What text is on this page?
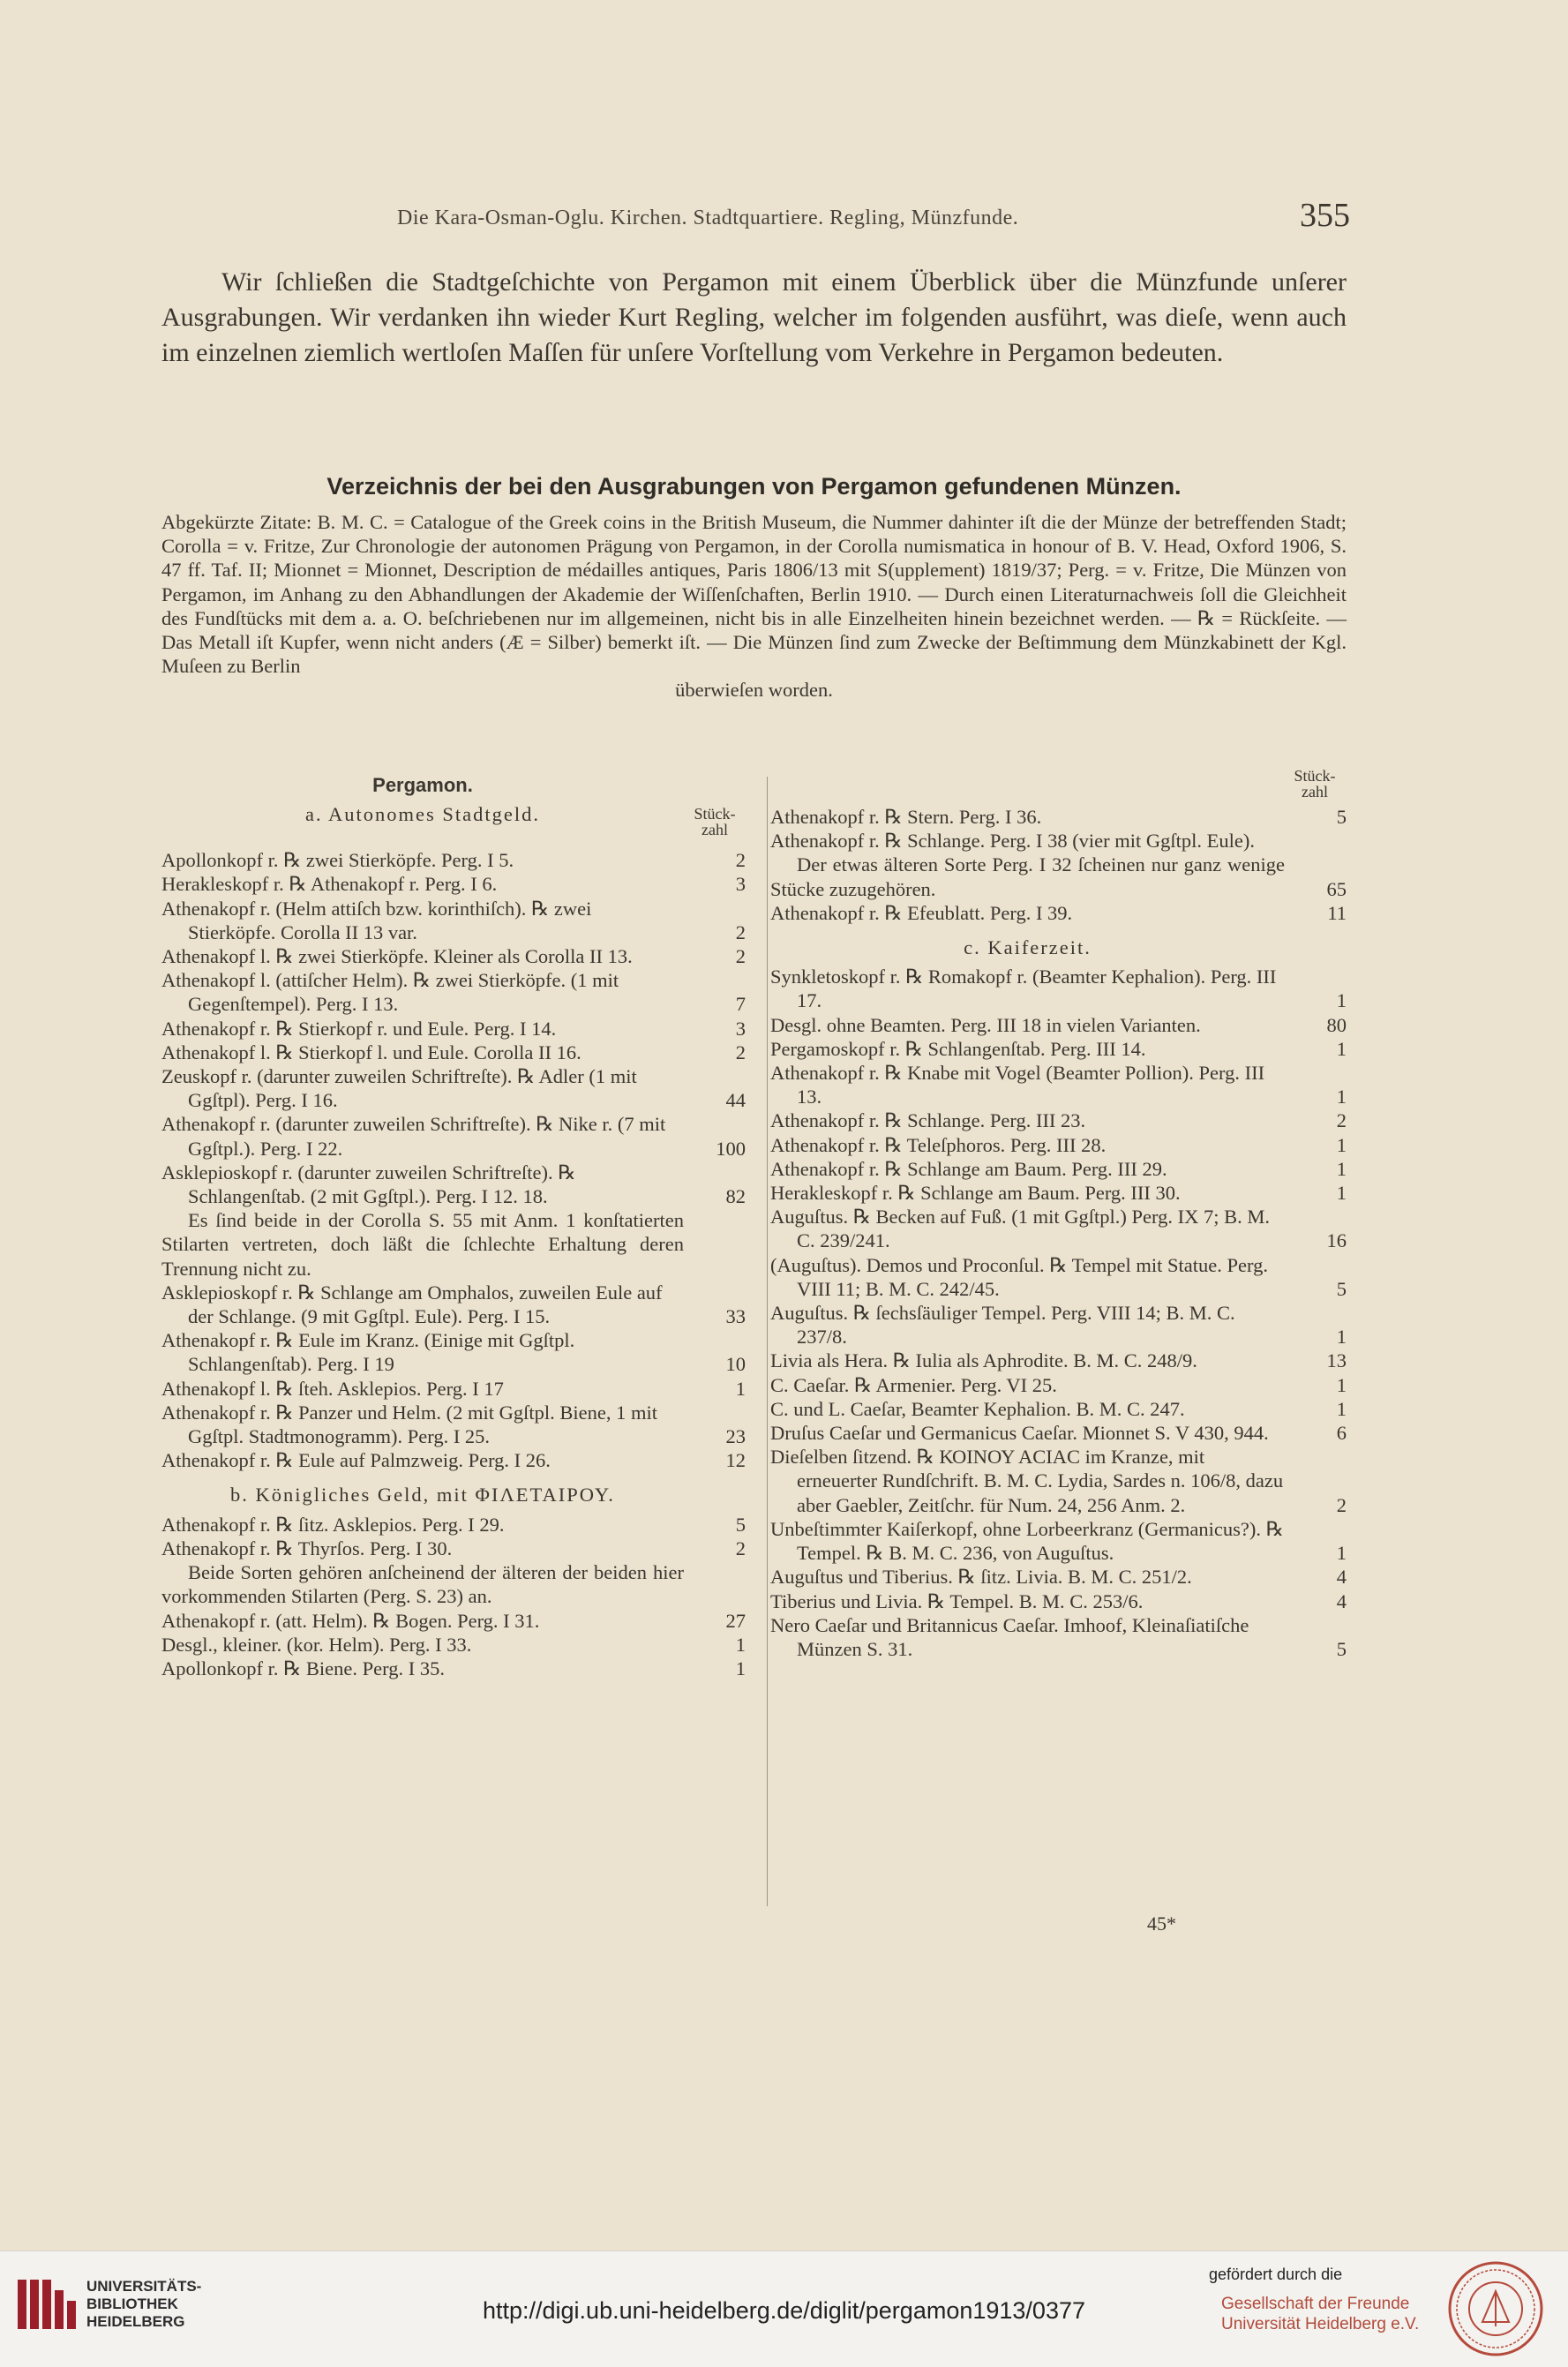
Die Kara-Osman-Oglu. Kirchen. Stadtquartiere. Regling, Münzfunde.	355

Wir ſchließen die Stadtgeſchichte von Pergamon mit einem Überblick über die Münzfunde unſerer Ausgrabungen. Wir verdanken ihn wieder Kurt Regling, welcher im folgenden ausführt, was dieſe, wenn auch im einzelnen ziemlich wertloſen Maſſen für unſere Vorſtellung vom Verkehre in Pergamon bedeuten.

Verzeichnis der bei den Ausgrabungen von Pergamon gefundenen Münzen.

Abgekürzte Zitate: B. M. C. = Catalogue of the Greek coins in the British Museum, die Nummer dahinter iſt die der Münze der betreffenden Stadt; Corolla = v. Fritze, Zur Chronologie der autonomen Prägung von Pergamon, in der Corolla numismatica in honour of B. V. Head, Oxford 1906, S. 47 ff. Taf. II; Mionnet = Mionnet, Description de médailles antiques, Paris 1806/13 mit S(upplement) 1819/37; Perg. = v. Fritze, Die Münzen von Pergamon, im Anhang zu den Abhandlungen der Akademie der Wiſſenſchaften, Berlin 1910. — Durch einen Literaturnachweis ſoll die Gleichheit des Fundſtücks mit dem a. a. O. beſchriebenen nur im allgemeinen, nicht bis in alle Einzelheiten hinein bezeichnet werden. — ℞ = Rückſeite. — Das Metall iſt Kupfer, wenn nicht anders (Æ = Silber) bemerkt iſt. — Die Münzen ſind zum Zwecke der Beſtimmung dem Münzkabinett der Kgl. Muſeen zu Berlin

überwieſen worden.

Stück-
zahl
Pergamon.
a. Autonomes Stadtgeld.	Stück-
zahl
Apollonkopf r. ℞ zwei Stierköpfe. Perg. I 5.	2
Herakleskopf r. ℞ Athenakopf r. Perg. I 6.	3
Athenakopf r. (Helm attiſch bzw. korinthiſch). ℞ zwei Stierköpfe. Corolla II 13 var.	2
Athenakopf l. ℞ zwei Stierköpfe. Kleiner als Corolla II 13.	2
Athenakopf l. (attiſcher Helm). ℞ zwei Stierköpfe. (1 mit Gegenſtempel). Perg. I 13.	7
Athenakopf r. ℞ Stierkopf r. und Eule. Perg. I 14.	3
Athenakopf l. ℞ Stierkopf l. und Eule. Corolla II 16.	2
Zeuskopf r. (darunter zuweilen Schriftreſte). ℞ Adler (1 mit Ggſtpl). Perg. I 16.	44
Athenakopf r. (darunter zuweilen Schriftreſte). ℞ Nike r. (7 mit Ggſtpl.). Perg. I 22.	100
Asklepioskopf r. (darunter zuweilen Schriftreſte). ℞ Schlangenſtab. (2 mit Ggſtpl.). Perg. I 12. 18.	82
Es ſind beide in der Corolla S. 55 mit Anm. 1 konſtatierten Stilarten vertreten, doch läßt die ſchlechte Erhaltung deren Trennung nicht zu.
Asklepioskopf r. ℞ Schlange am Omphalos, zuweilen Eule auf der Schlange. (9 mit Ggſtpl. Eule). Perg. I 15.	33
Athenakopf r. ℞ Eule im Kranz. (Einige mit Ggſtpl. Schlangenſtab). Perg. I 19	10
Athenakopf l. ℞ ſteh. Asklepios. Perg. I 17	1
Athenakopf r. ℞ Panzer und Helm. (2 mit Ggſtpl. Biene, 1 mit Ggſtpl. Stadtmonogramm). Perg. I 25.	23
Athenakopf r. ℞ Eule auf Palmzweig. Perg. I 26.	12
b. Königliches Geld, mit ΦΙΛΕΤΑΙΡΟΥ.
Athenakopf r. ℞ ſitz. Asklepios. Perg. I 29.	5
Athenakopf r. ℞ Thyrſos. Perg. I 30.	2
Beide Sorten gehören anſcheinend der älteren der beiden hier vorkommenden Stilarten (Perg. S. 23) an.
Athenakopf r. (att. Helm). ℞ Bogen. Perg. I 31.	27
Desgl., kleiner. (kor. Helm). Perg. I 33.	1
Apollonkopf r. ℞ Biene. Perg. I 35.	1
Athenakopf r. ℞ Stern. Perg. I 36.	5
Athenakopf r. ℞ Schlange. Perg. I 38 (vier mit Ggſtpl. Eule).
Der etwas älteren Sorte Perg. I 32 ſcheinen nur ganz wenige Stücke zuzugehören.	65
Athenakopf r. ℞ Efeublatt. Perg. I 39.	11
c. Kaiferzeit.
Synkletoskopf r. ℞ Romakopf r. (Beamter Kephalion). Perg. III 17.	1
Desgl. ohne Beamten. Perg. III 18 in vielen Varianten.	80
Pergamoskopf r. ℞ Schlangenſtab. Perg. III 14.	1
Athenakopf r. ℞ Knabe mit Vogel (Beamter Pollion). Perg. III 13.	1
Athenakopf r. ℞ Schlange. Perg. III 23.	2
Athenakopf r. ℞ Teleſphoros. Perg. III 28.	1
Athenakopf r. ℞ Schlange am Baum. Perg. III 29.	1
Herakleskopf r. ℞ Schlange am Baum. Perg. III 30.	1
Auguſtus. ℞ Becken auf Fuß. (1 mit Ggſtpl.) Perg. IX 7; B. M. C. 239/241.	16
(Auguſtus). Demos und Proconſul. ℞ Tempel mit Statue. Perg. VIII 11; B. M. C. 242/45.	5
Auguſtus. ℞ ſechsſäuliger Tempel. Perg. VIII 14; B. M. C. 237/8.	1
Livia als Hera. ℞ Iulia als Aphrodite. B. M. C. 248/9.	13
C. Caeſar. ℞ Armenier. Perg. VI 25.	1
C. und L. Caeſar, Beamter Kephalion. B. M. C. 247.	1
Druſus Caeſar und Germanicus Caeſar. Mionnet S. V 430, 944.	6
Dieſelben ſitzend. ℞ ΚΟΙΝΟΥ ΑCΙΑC im Kranze, mit erneuerter Rundſchrift. B. M. C. Lydia, Sardes n. 106/8, dazu aber Gaebler, Zeitſchr. für Num. 24, 256 Anm. 2.	2
Unbeſtimmter Kaiſerkopf, ohne Lorbeerkranz (Germanicus?). ℞ Tempel. ℞ B. M. C. 236, von Auguſtus.	1
Auguſtus und Tiberius. ℞ ſitz. Livia. B. M. C. 251/2.	4
Tiberius und Livia. ℞ Tempel. B. M. C. 253/6.	4
Nero Caeſar und Britannicus Caeſar. Imhoof, Kleinaſiatiſche Münzen S. 31.	5
45*
UNIVERSITÄTS-
BIBLIOTHEK
HEIDELBERG	http://digi.ub.uni-heidelberg.de/diglit/pergamon1913/0377
gefördert durch die
Gesellschaft der Freunde
Universität Heidelberg e.V.
